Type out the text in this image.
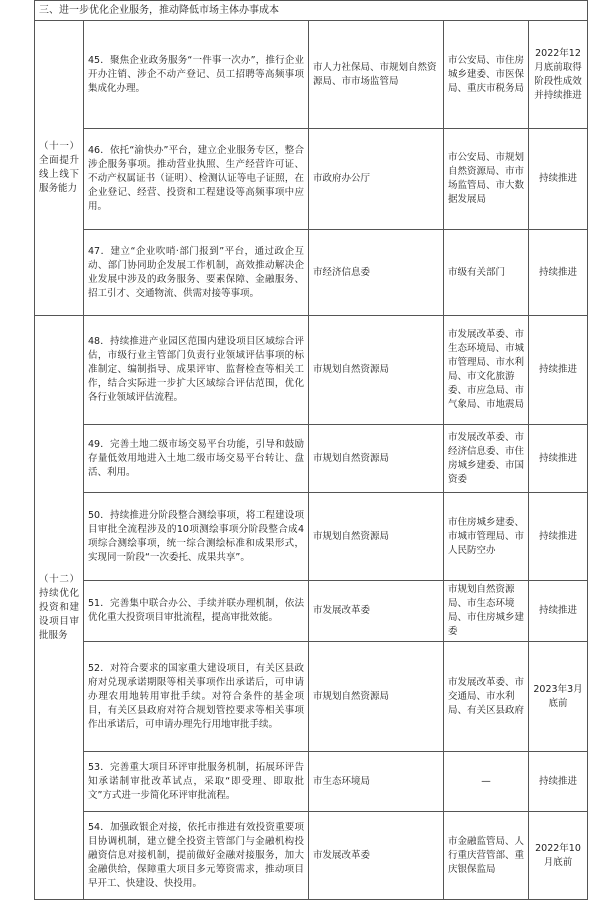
三、进一步优化企业服务，推动降低市场主体办事成本				
（十一）全面提升线上线下服务能力	45．聚焦企业政务服务“一件事一次办”，推行企业开办注销、涉企不动产登记、员工招聘等高频事项集成化办理。	市人力社保局、市规划自然资源局、市市场监管局	市公安局、市住房城乡建委、市医保局、重庆市税务局	2022年12月底前取得阶段性成效并持续推进
	46．依托“渝快办”平台，建立企业服务专区，整合涉企服务事项。推动营业执照、生产经营许可证、不动产权属证书（证明）、检测认证等电子证照，在企业登记、经营、投资和工程建设等高频事项中应用。	市政府办公厅	市公安局、市规划自然资源局、市市场监管局、市大数据发展局	持续推进
	47．建立“企业吹哨·部门报到”平台，通过政企互动、部门协同助企发展工作机制，高效推动解决企业发展中涉及的政务服务、要素保障、金融服务、招工引才、交通物流、供需对接等事项。	市经济信息委	市级有关部门	持续推进
（十二）持续优化投资和建设项目审批服务	48．持续推进产业园区范围内建设项目区域综合评估，市级行业主管部门负责行业领域评估事项的标准制定、编制指导、成果评审、监督检查等相关工作，结合实际进一步扩大区域综合评估范围，优化各行业领域评估流程。	市规划自然资源局	市发展改革委、市生态环境局、市城市管理局、市水利局、市文化旅游委、市应急局、市气象局、市地震局	持续推进
	49．完善土地二级市场交易平台功能，引导和鼓励存量低效用地进入土地二级市场交易平台转让、盘活、利用。	市规划自然资源局	市发展改革委、市经济信息委、市住房城乡建委、市国资委	持续推进
	50．持续推进分阶段整合测绘事项，将工程建设项目审批全流程涉及的10项测绘事项分阶段整合成4项综合测绘事项，统一综合测绘标准和成果形式，实现同一阶段“一次委托、成果共享”。	市规划自然资源局	市住房城乡建委、市城市管理局、市人民防空办	持续推进
	51．完善集中联合办公、手续并联办理机制，依法优化重大投资项目审批流程，提高审批效能。	市发展改革委	市规划自然资源局、市生态环境局、市住房城乡建委	持续推进
	52．对符合要求的国家重大建设项目，有关区县政府对兑现承诺期限等相关事项作出承诺后，可申请办理农用地转用审批手续。对符合条件的基金项目，有关区县政府对符合规划管控要求等相关事项作出承诺后，可申请办理先行用地审批手续。	市规划自然资源局	市发展改革委、市交通局、市水利局、有关区县政府	2023年3月底前
	53．完善重大项目环评审批服务机制，拓展环评告知承诺制审批改革试点，采取“即受理、即取批文”方式进一步简化环评审批流程。	市生态环境局	—	持续推进
	54．加强政银企对接，依托市推进有效投资重要项目协调机制，建立健全投资主管部门与金融机构投融资信息对接机制，提前做好金融对接服务，加大金融供给，保障重大项目多元筹资需求，推动项目早开工、快建设、快投用。	市发展改革委	市金融监管局、人行重庆营管部、重庆银保监局	2022年10月底前
